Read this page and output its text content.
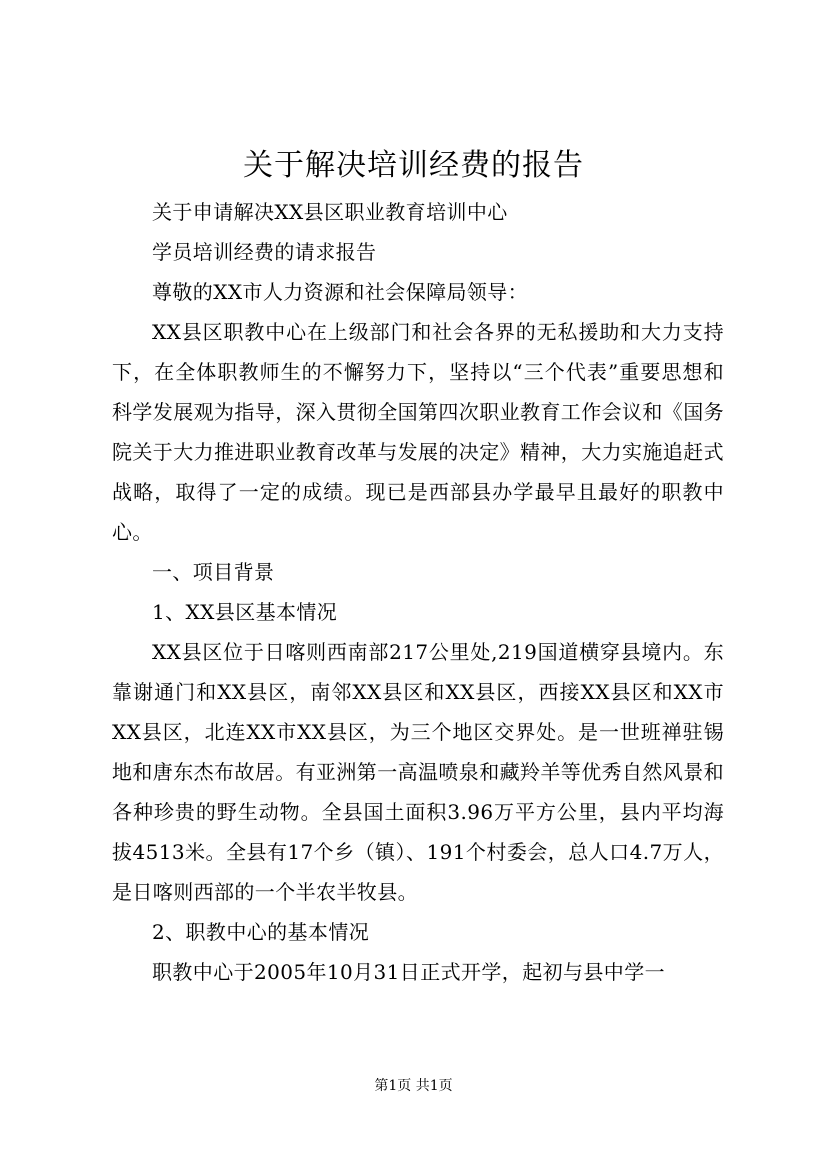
关于解决培训经费的报告

关于申请解决XX县区职业教育培训中心

学员培训经费的请求报告

尊敬的XX市人力资源和社会保障局领导：

XX县区职教中心在上级部门和社会各界的无私援助和大力支持下，在全体职教师生的不懈努力下，坚持以“三个代表”重要思想和科学发展观为指导，深入贯彻全国第四次职业教育工作会议和《国务院关于大力推进职业教育改革与发展的决定》精神，大力实施追赶式战略，取得了一定的成绩。现已是西部县办学最早且最好的职教中心。

一、项目背景

1、XX县区基本情况

XX县区位于日喀则西南部217公里处,219国道横穿县境内。东靠谢通门和XX县区，南邻XX县区和XX县区，西接XX县区和XX市XX县区，北连XX市XX县区，为三个地区交界处。是一世班禅驻锡地和唐东杰布故居。有亚洲第一高温喷泉和藏羚羊等优秀自然风景和各种珍贵的野生动物。全县国土面积3.96万平方公里，县内平均海拔4513米。全县有17个乡（镇）、191个村委会，总人口4.7万人，是日喀则西部的一个半农半牧县。

2、职教中心的基本情况

职教中心于2005年10月31日正式开学，起初与县中学一

第1页 共1页
